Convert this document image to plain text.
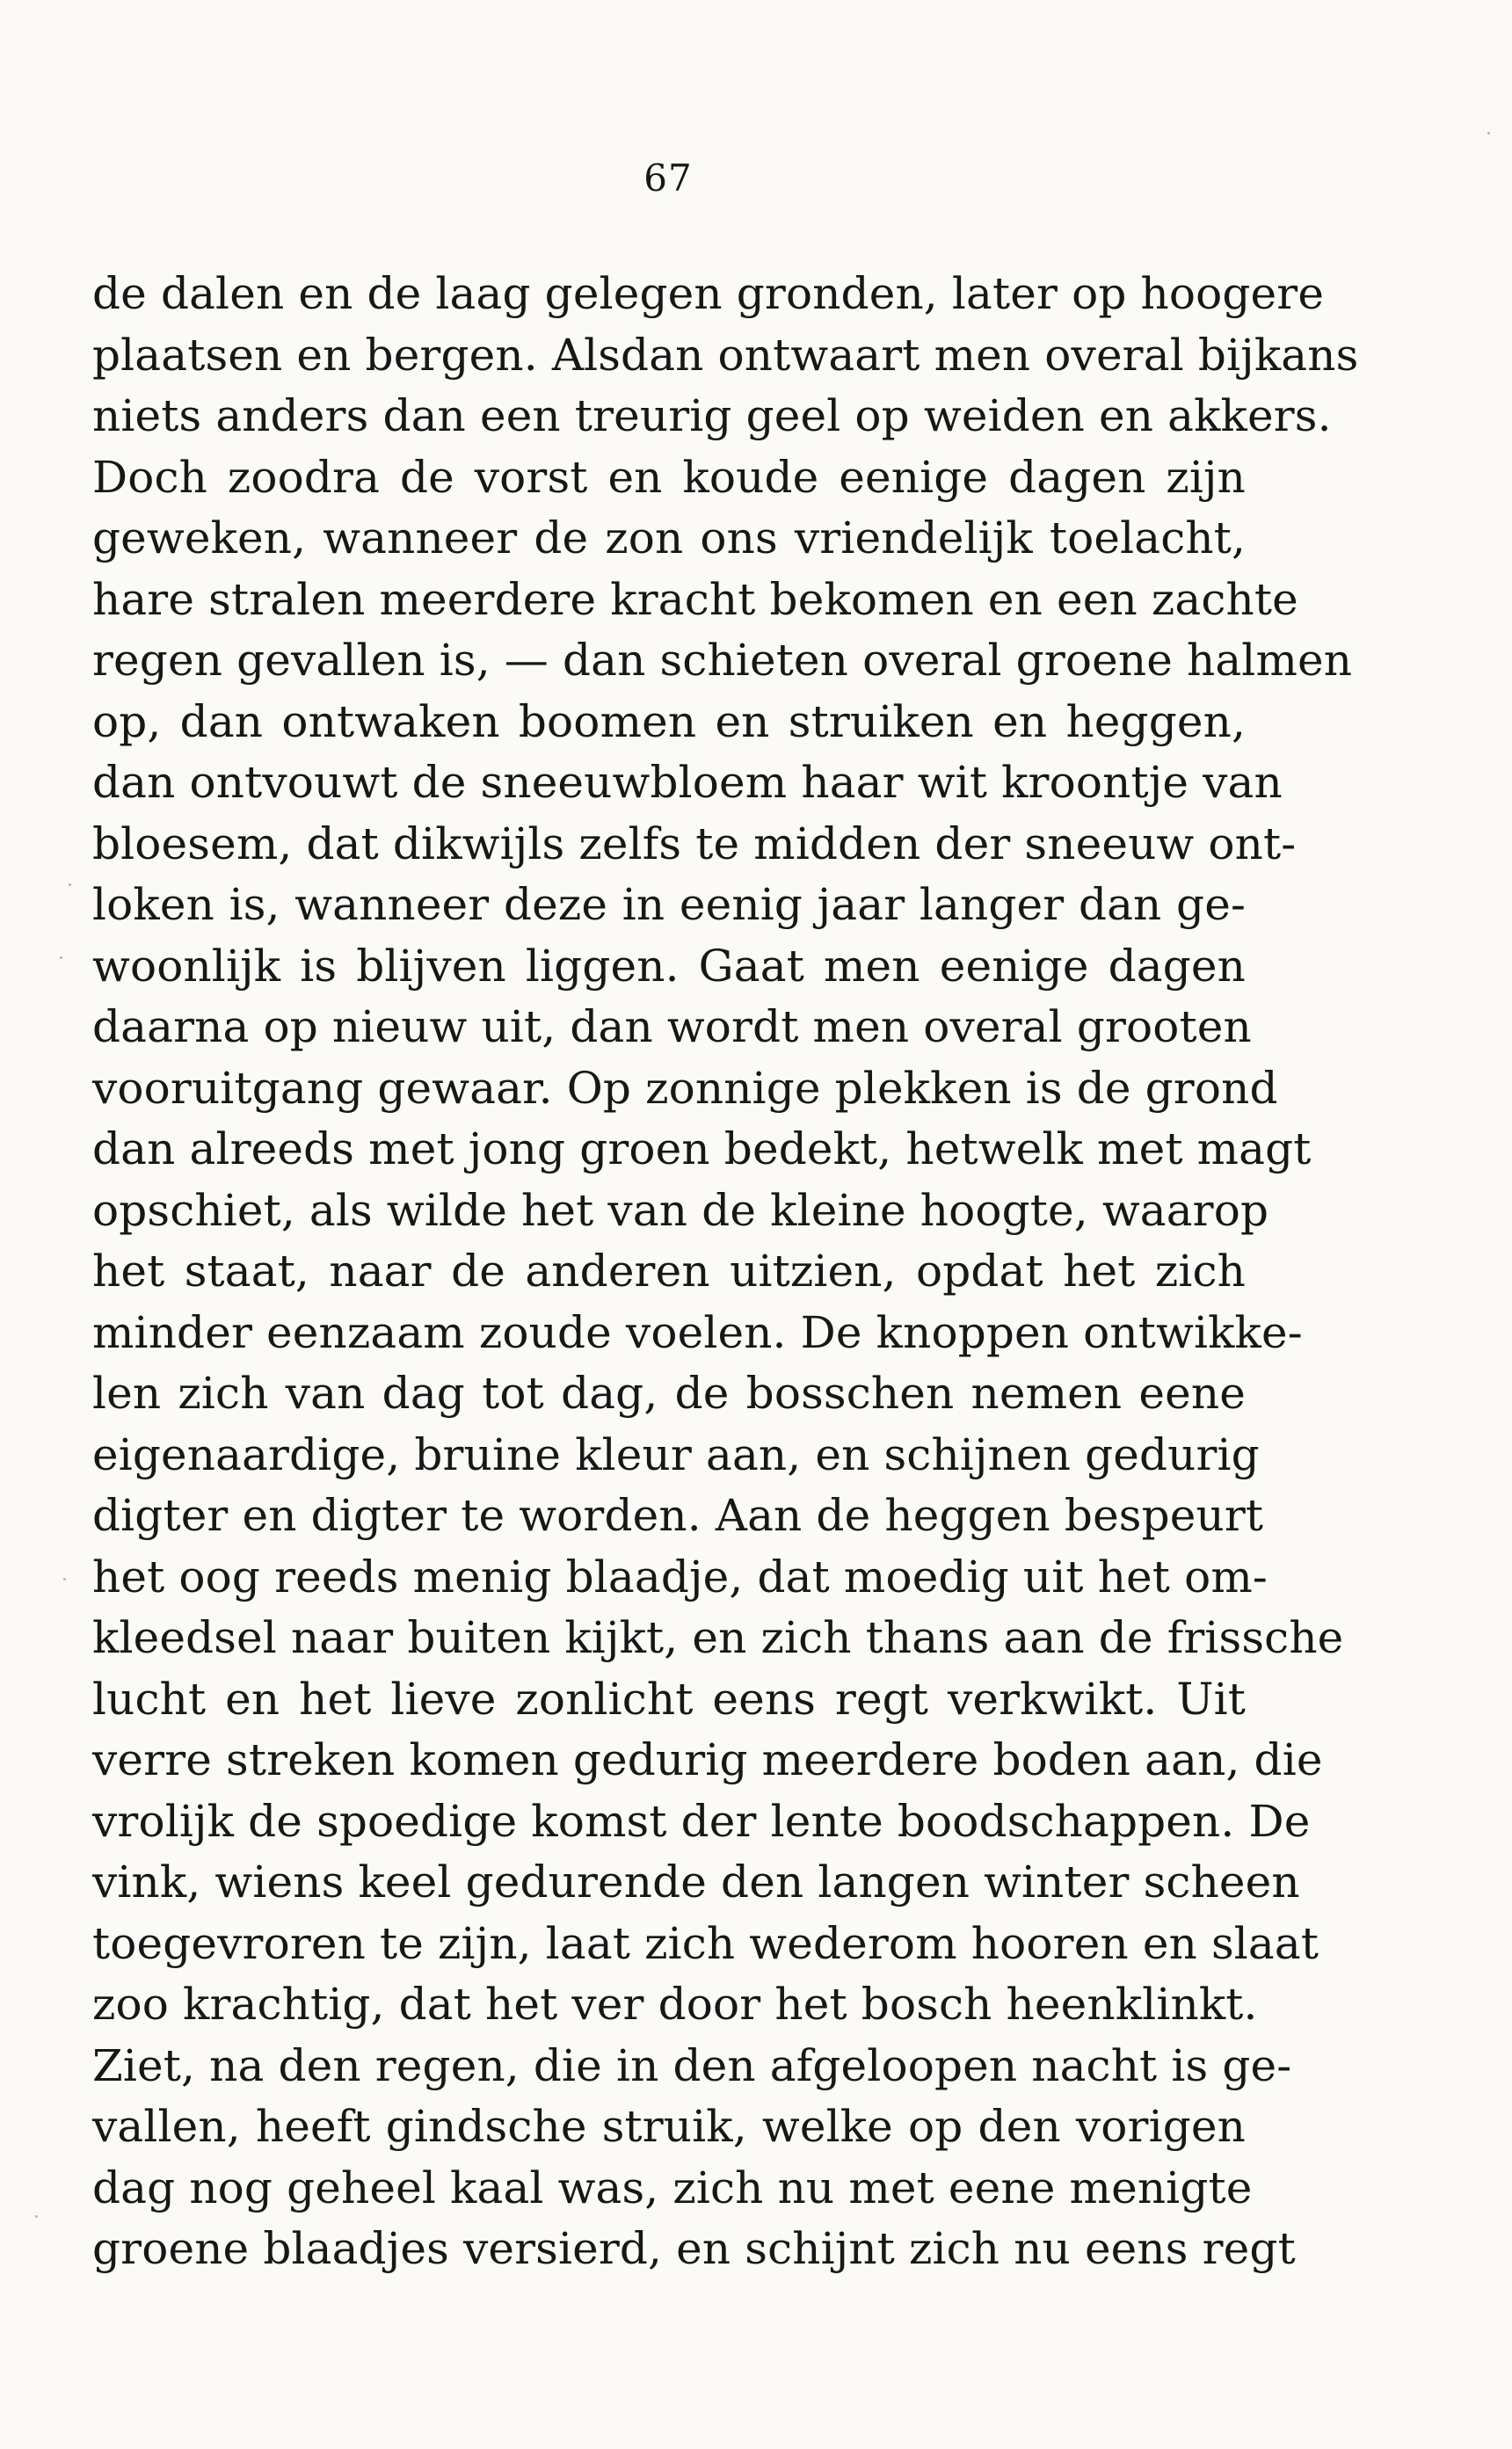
67
de dalen en de laag gelegen gronden, later op hoogere
plaatsen en bergen. Alsdan ontwaart men overal bijkans
niets anders dan een treurig geel op weiden en akkers.
Doch zoodra de vorst en koude eenige dagen zijn
geweken, wanneer de zon ons vriendelijk toelacht,
hare stralen meerdere kracht bekomen en een zachte
regen gevallen is, — dan schieten overal groene halmen
op, dan ontwaken boomen en struiken en heggen,
dan ontvouwt de sneeuwbloem haar wit kroontje van
bloesem, dat dikwijls zelfs te midden der sneeuw ont-
loken is, wanneer deze in eenig jaar langer dan ge-
woonlijk is blijven liggen. Gaat men eenige dagen
daarna op nieuw uit, dan wordt men overal grooten
vooruitgang gewaar. Op zonnige plekken is de grond
dan alreeds met jong groen bedekt, hetwelk met magt
opschiet, als wilde het van de kleine hoogte, waarop
het staat, naar de anderen uitzien, opdat het zich
minder eenzaam zoude voelen. De knoppen ontwikke-
len zich van dag tot dag, de bosschen nemen eene
eigenaardige, bruine kleur aan, en schijnen gedurig
digter en digter te worden. Aan de heggen bespeurt
het oog reeds menig blaadje, dat moedig uit het om-
kleedsel naar buiten kijkt, en zich thans aan de frissche
lucht en het lieve zonlicht eens regt verkwikt. Uit
verre streken komen gedurig meerdere boden aan, die
vrolijk de spoedige komst der lente boodschappen. De
vink, wiens keel gedurende den langen winter scheen
toegevroren te zijn, laat zich wederom hooren en slaat
zoo krachtig, dat het ver door het bosch heenklinkt.
Ziet, na den regen, die in den afgeloopen nacht is ge-
vallen, heeft gindsche struik, welke op den vorigen
dag nog geheel kaal was, zich nu met eene menigte
groene blaadjes versierd, en schijnt zich nu eens regt
